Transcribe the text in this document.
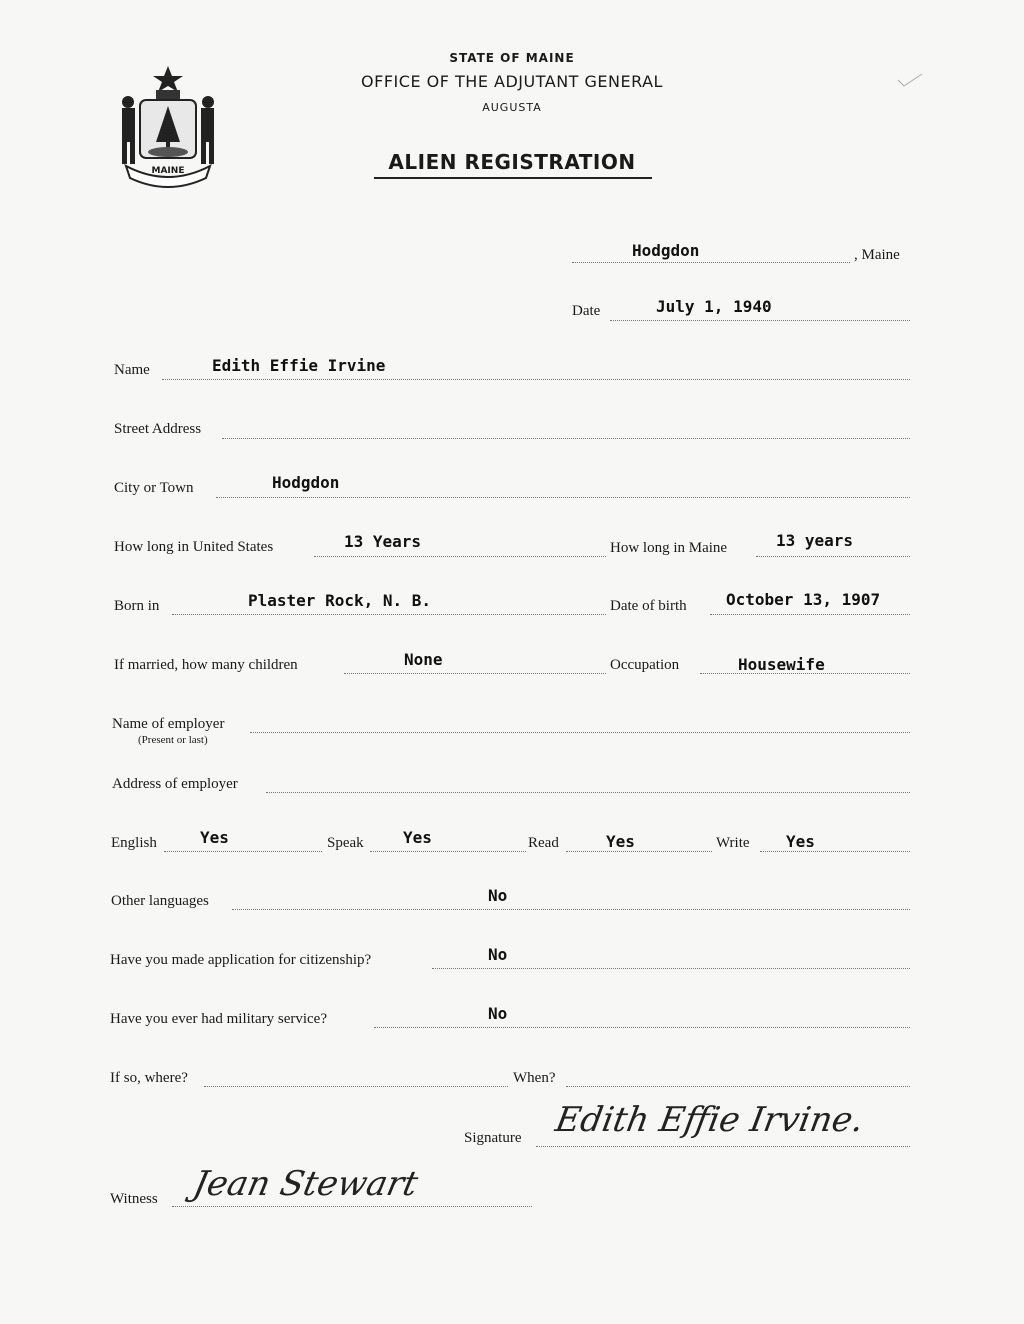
MAINE
STATE OF MAINE
OFFICE OF THE ADJUTANT GENERAL
AUGUSTA
ALIEN REGISTRATION
Hodgdon	, Maine
Date	July 1, 1940
Name	Edith Effie Irvine
Street Address
City or Town	Hodgdon
How long in United States	13 Years	How long in Maine	13 years
Born in	Plaster Rock, N. B.	Date of birth October 13, 1907
If married, how many children	None	Occupation	Housewife
Name of employer
(Present or last)
Address of employer
English	Yes	Speak Yes	Read	Yes	Write Yes
Other languages	No
Have you made application for citizenship?	No
Have you ever had military service?	No
If so, where?	When?
Signature Edith Effie Irvine.
Witness Jean Stewart
